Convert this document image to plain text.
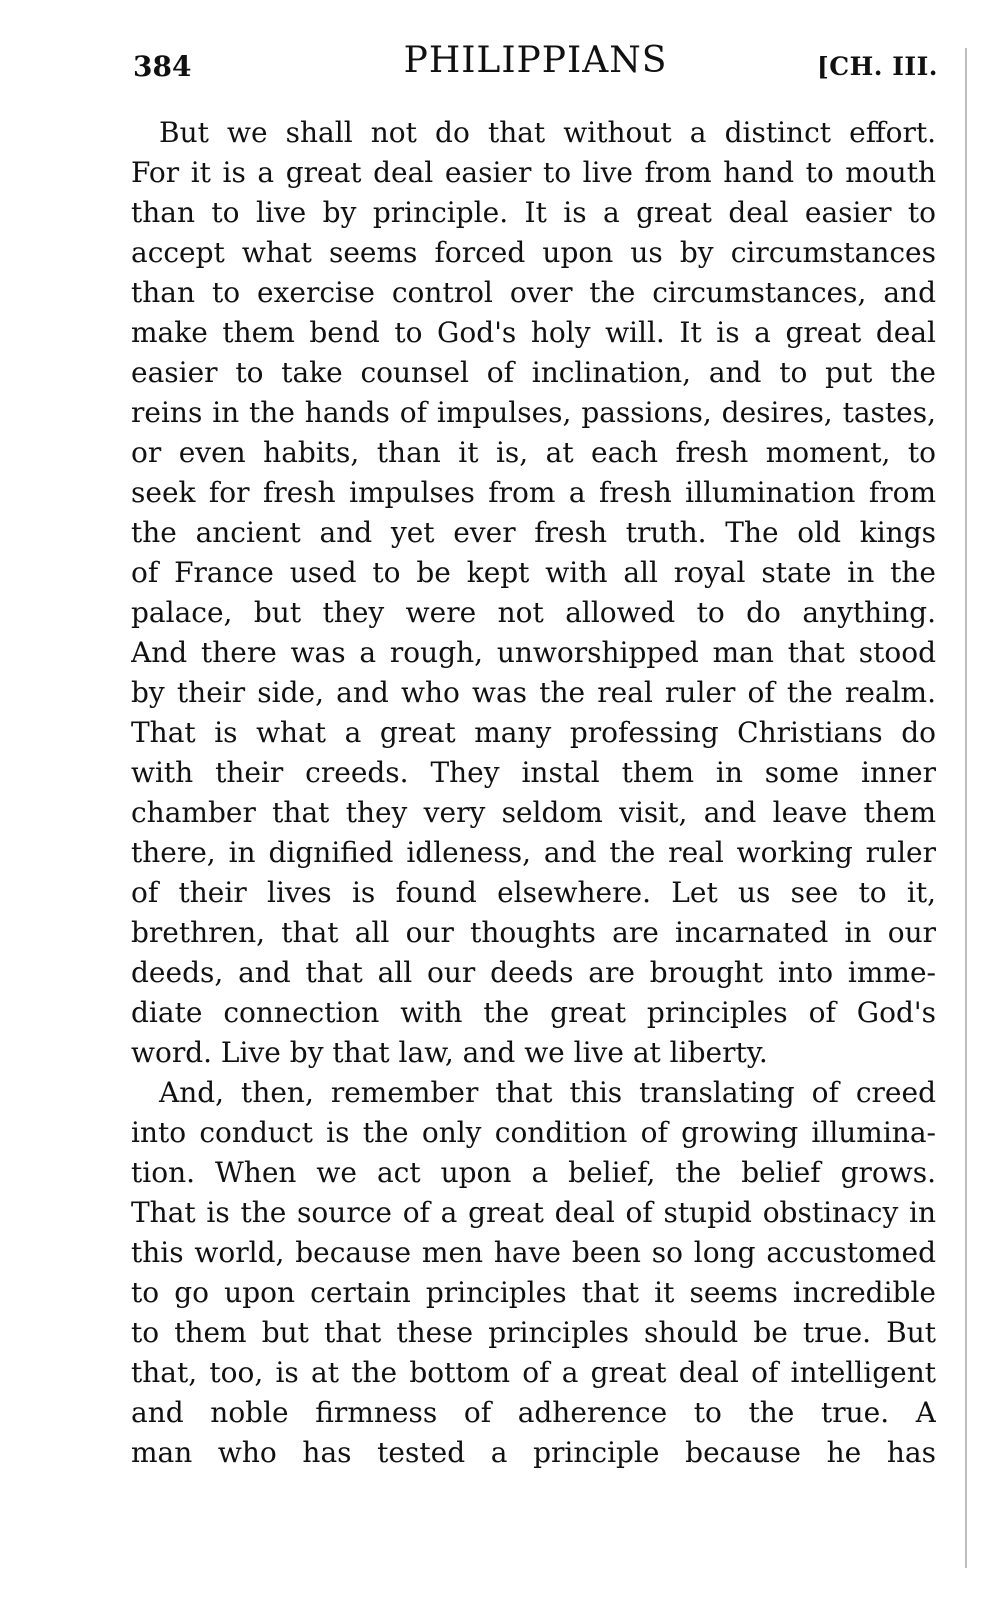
384	PHILIPPIANS	[CH. III.
But we shall not do that without a distinct effort.
For it is a great deal easier to live from hand to mouth
than to live by principle. It is a great deal easier to
accept what seems forced upon us by circumstances
than to exercise control over the circumstances, and
make them bend to God's holy will. It is a great deal
easier to take counsel of inclination, and to put the
reins in the hands of impulses, passions, desires, tastes,
or even habits, than it is, at each fresh moment, to
seek for fresh impulses from a fresh illumination from
the ancient and yet ever fresh truth. The old kings
of France used to be kept with all royal state in the
palace, but they were not allowed to do anything.
And there was a rough, unworshipped man that stood
by their side, and who was the real ruler of the realm.
That is what a great many professing Christians do
with their creeds. They instal them in some inner
chamber that they very seldom visit, and leave them
there, in dignified idleness, and the real working ruler
of their lives is found elsewhere. Let us see to it,
brethren, that all our thoughts are incarnated in our
deeds, and that all our deeds are brought into imme-
diate connection with the great principles of God's
word. Live by that law, and we live at liberty.
And, then, remember that this translating of creed
into conduct is the only condition of growing illumina-
tion. When we act upon a belief, the belief grows.
That is the source of a great deal of stupid obstinacy in
this world, because men have been so long accustomed
to go upon certain principles that it seems incredible
to them but that these principles should be true. But
that, too, is at the bottom of a great deal of intelligent
and noble firmness of adherence to the true. A
man who has tested a principle because he has
